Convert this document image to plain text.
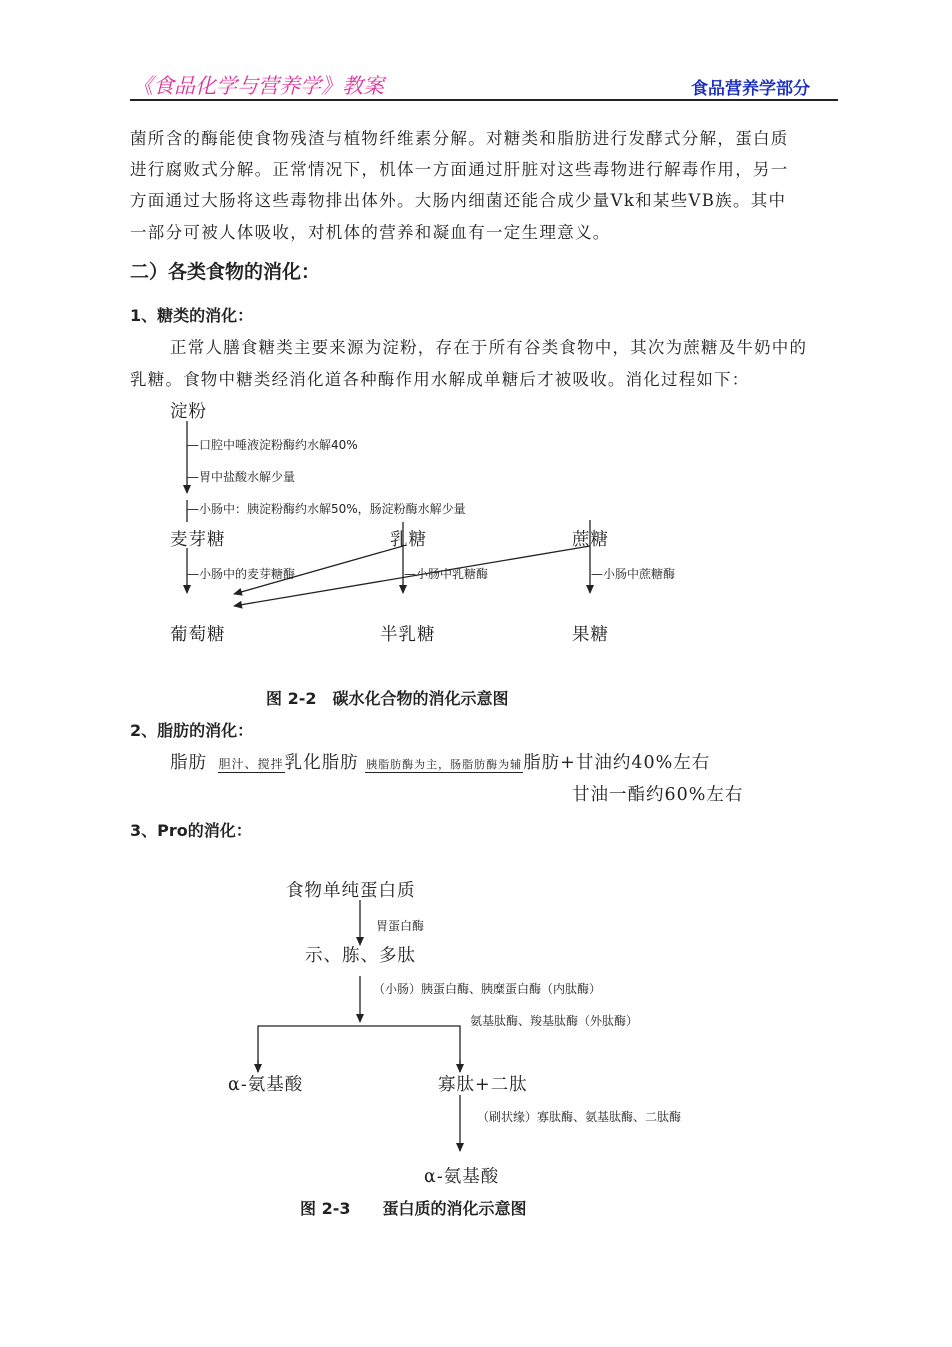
《食品化学与营养学》教案	食品营养学部分
菌所含的酶能使食物残渣与植物纤维素分解。对糖类和脂肪进行发酵式分解，蛋白质
进行腐败式分解。正常情况下，机体一方面通过肝脏对这些毒物进行解毒作用，另一
方面通过大肠将这些毒物排出体外。大肠内细菌还能合成少量Vk和某些VB族。其中
一部分可被人体吸收，对机体的营养和凝血有一定生理意义。
二）各类食物的消化：
1、糖类的消化：
正常人膳食糖类主要来源为淀粉，存在于所有谷类食物中，其次为蔗糖及牛奶中的
乳糖。食物中糖类经消化道各种酶作用水解成单糖后才被吸收。消化过程如下：
淀粉
—口腔中唾液淀粉酶约水解40%
—胃中盐酸水解少量
—小肠中：胰淀粉酶约水解50%，肠淀粉酶水解少量
麦芽糖	乳糖	蔗糖
—小肠中的麦芽糖酶	—小肠中乳糖酶	—小肠中蔗糖酶
葡萄糖	半乳糖	果糖
图 2-2　碳水化合物的消化示意图
2、脂肪的消化：
脂肪 胆汁、搅拌乳化脂肪 胰脂肪酶为主，肠脂肪酶为辅脂肪+甘油约40%左右
甘油一酯约60%左右
3、Pro的消化：
食物单纯蛋白质
胃蛋白酶
示、胨、多肽
（小肠）胰蛋白酶、胰糜蛋白酶（内肽酶）
氨基肽酶、羧基肽酶（外肽酶）
α-氨基酸	寡肽+二肽
（刷状缘）寡肽酶、氨基肽酶、二肽酶
α-氨基酸
图 2-3　　蛋白质的消化示意图
